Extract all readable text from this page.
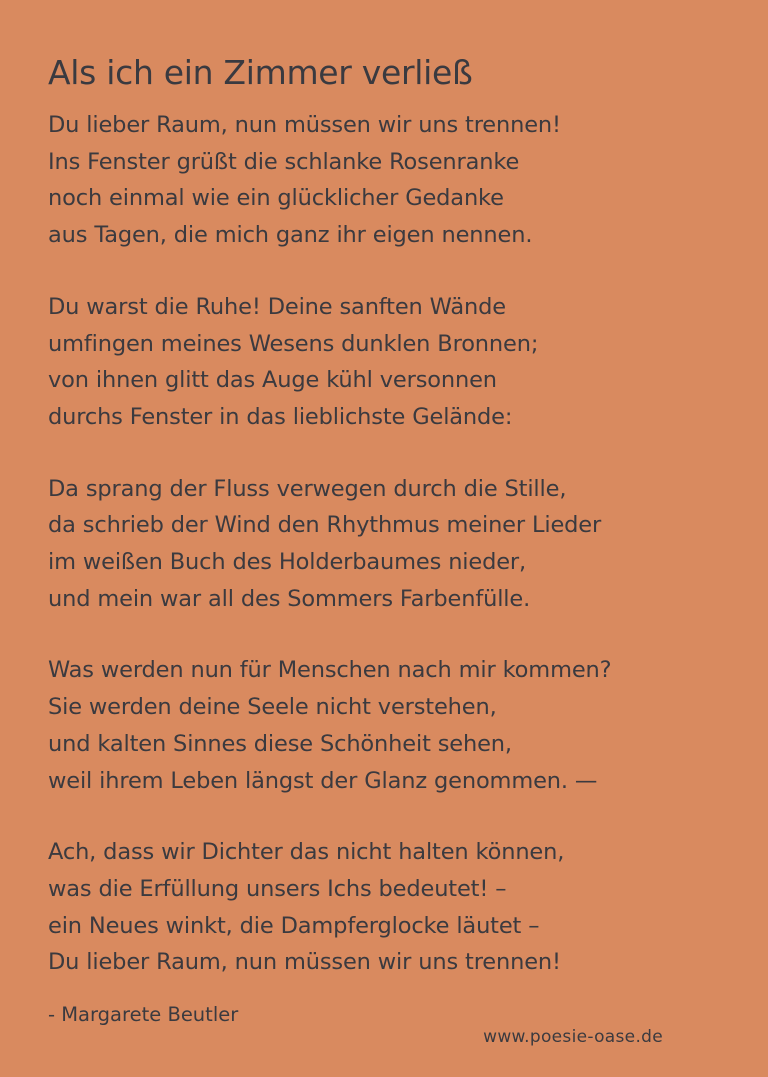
Als ich ein Zimmer verließ
Du lieber Raum, nun müssen wir uns trennen!
Ins Fenster grüßt die schlanke Rosenranke
noch einmal wie ein glücklicher Gedanke
aus Tagen, die mich ganz ihr eigen nennen.
Du warst die Ruhe! Deine sanften Wände
umfingen meines Wesens dunklen Bronnen;
von ihnen glitt das Auge kühl versonnen
durchs Fenster in das lieblichste Gelände:
Da sprang der Fluss verwegen durch die Stille,
da schrieb der Wind den Rhythmus meiner Lieder
im weißen Buch des Holderbaumes nieder,
und mein war all des Sommers Farbenfülle.
Was werden nun für Menschen nach mir kommen?
Sie werden deine Seele nicht verstehen,
und kalten Sinnes diese Schönheit sehen,
weil ihrem Leben längst der Glanz genommen. —
Ach, dass wir Dichter das nicht halten können,
was die Erfüllung unsers Ichs bedeutet! –
ein Neues winkt, die Dampferglocke läutet –
Du lieber Raum, nun müssen wir uns trennen!
- Margarete Beutler
www.poesie-oase.de
